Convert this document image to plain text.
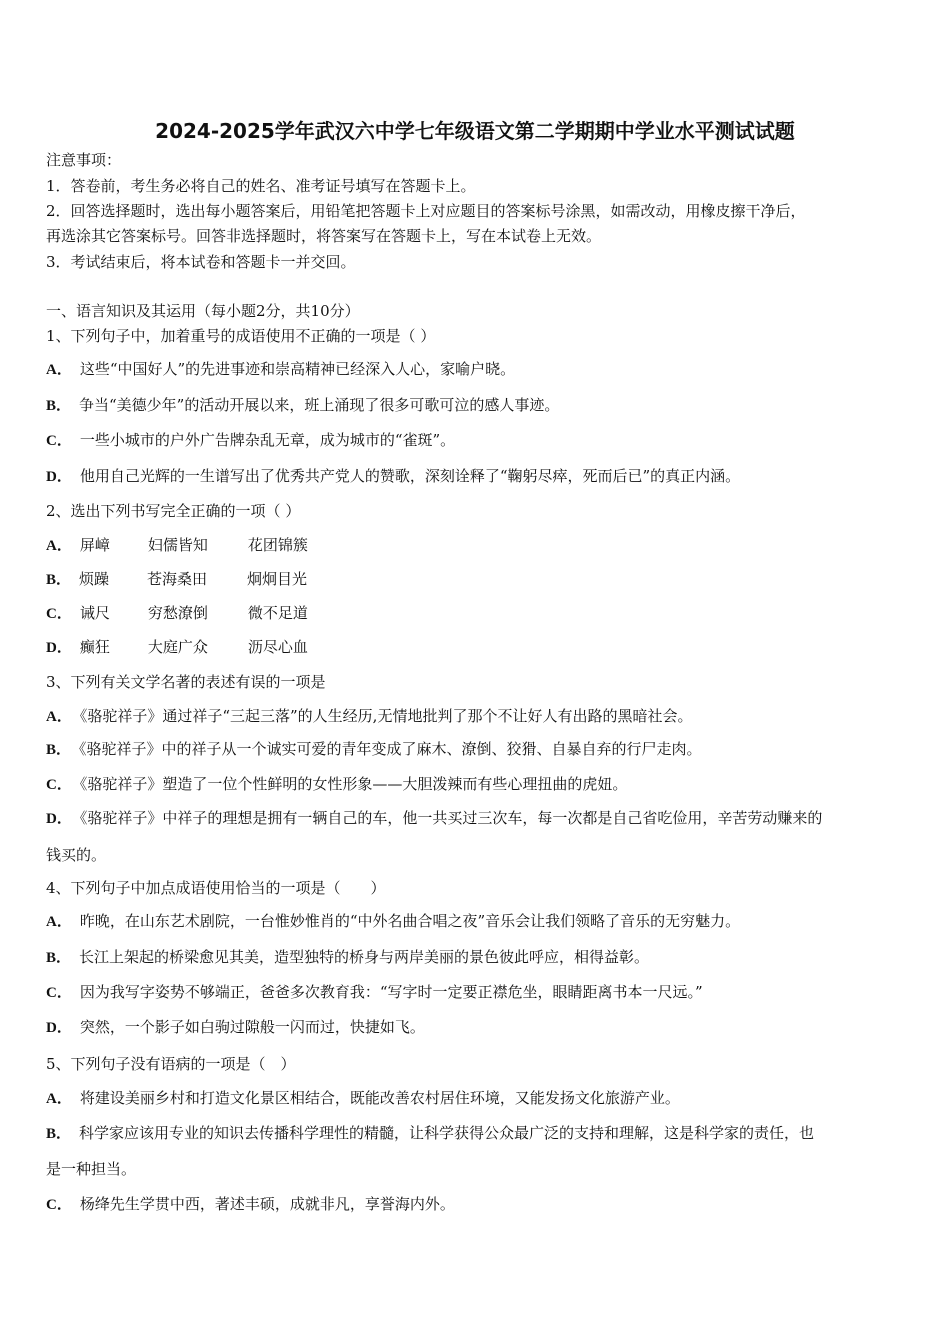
2024-2025学年武汉六中学七年级语文第二学期期中学业水平测试试题
注意事项：
1．答卷前，考生务必将自己的姓名、准考证号填写在答题卡上。
2．回答选择题时，选出每小题答案后，用铅笔把答题卡上对应题目的答案标号涂黑，如需改动，用橡皮擦干净后，
再选涂其它答案标号。回答非选择题时，将答案写在答题卡上，写在本试卷上无效。
3．考试结束后，将本试卷和答题卡一并交回。
一、语言知识及其运用（每小题2分，共10分）
1、下列句子中，加着重号的成语使用不正确的一项是（ ）
A． 这些“中国好人”的先进事迹和崇高精神已经深入人心，家喻户晓。
B． 争当“美德少年”的活动开展以来，班上涌现了很多可歌可泣的感人事迹。
C． 一些小城市的户外广告牌杂乱无章，成为城市的“雀斑”。
D． 他用自己光辉的一生谱写出了优秀共产党人的赞歌，深刻诠释了“鞠躬尽瘁，死而后已”的真正内涵。
2、选出下列书写完全正确的一项（ ）
A． 屏嶂	妇儒皆知	花团锦簇
B． 烦躁	苍海桑田	炯炯目光
C． 诫尺	穷愁潦倒	微不足道
D． 癫狂	大庭广众	沥尽心血
3、下列有关文学名著的表述有误的一项是
A． 《骆驼祥子》通过祥子“三起三落”的人生经历,无情地批判了那个不让好人有出路的黑暗社会。
B． 《骆驼祥子》中的祥子从一个诚实可爱的青年变成了麻木、潦倒、狡猾、自暴自弃的行尸走肉。
C． 《骆驼祥子》塑造了一位个性鲜明的女性形象——大胆泼辣而有些心理扭曲的虎妞。
D． 《骆驼祥子》中祥子的理想是拥有一辆自己的车，他一共买过三次车，每一次都是自己省吃俭用，辛苦劳动赚来的
钱买的。
4、下列句子中加点成语使用恰当的一项是（　　）
A． 昨晚，在山东艺术剧院，一台惟妙惟肖的“中外名曲合唱之夜”音乐会让我们领略了音乐的无穷魅力。
B． 长江上架起的桥梁愈见其美，造型独特的桥身与两岸美丽的景色彼此呼应，相得益彰。
C． 因为我写字姿势不够端正，爸爸多次教育我：“写字时一定要正襟危坐，眼睛距离书本一尺远。”
D． 突然，一个影子如白驹过隙般一闪而过，快捷如飞。
5、下列句子没有语病的一项是（　）
A． 将建设美丽乡村和打造文化景区相结合，既能改善农村居住环境，又能发扬文化旅游产业。
B． 科学家应该用专业的知识去传播科学理性的精髓，让科学获得公众最广泛的支持和理解，这是科学家的责任，也
是一种担当。
C． 杨绛先生学贯中西，著述丰硕，成就非凡，享誉海内外。
